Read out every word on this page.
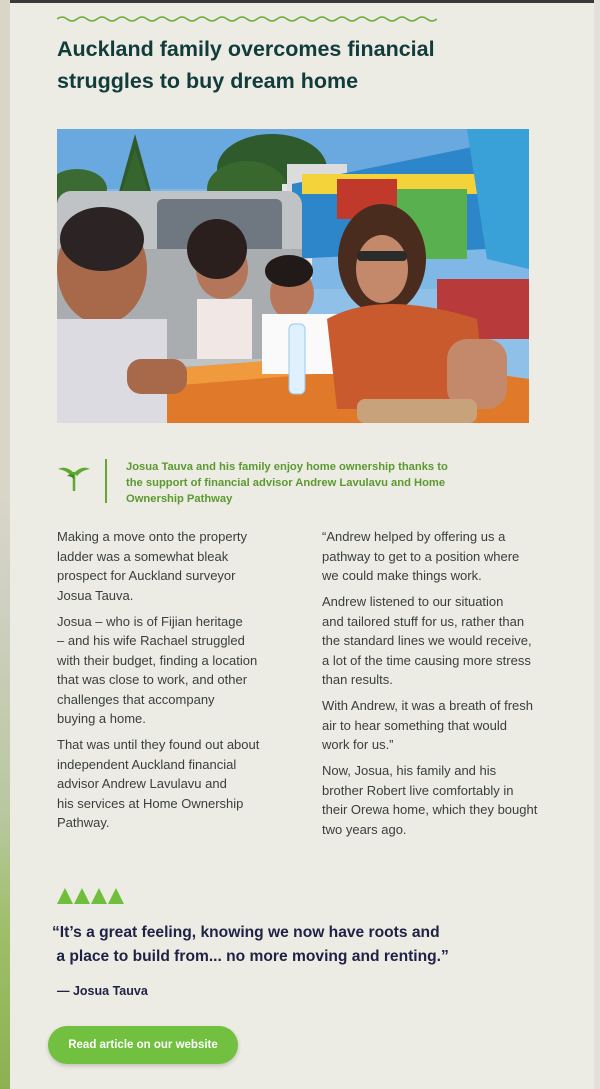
Auckland family overcomes financial
struggles to buy dream home

Josua Tauva and his family enjoy home ownership thanks to
the support of financial advisor Andrew Lavulavu and Home
Ownership Pathway

Making a move onto the property
ladder was a somewhat bleak
prospect for Auckland surveyor
Josua Tauva.

Josua – who is of Fijian heritage
– and his wife Rachael struggled
with their budget, finding a location
that was close to work, and other
challenges that accompany
buying a home.

That was until they found out about
independent Auckland financial
advisor Andrew Lavulavu and
his services at Home Ownership
Pathway.

“Andrew helped by offering us a
pathway to get to a position where
we could make things work.

Andrew listened to our situation
and tailored stuff for us, rather than
the standard lines we would receive,
a lot of the time causing more stress
than results.

With Andrew, it was a breath of fresh
air to hear something that would
work for us.”

Now, Josua, his family and his
brother Robert live comfortably in
their Orewa home, which they bought
two years ago.

“It’s a great feeling, knowing we now have roots and
a place to build from... no more moving and renting.”
— Josua Tauva
Read article on our website
